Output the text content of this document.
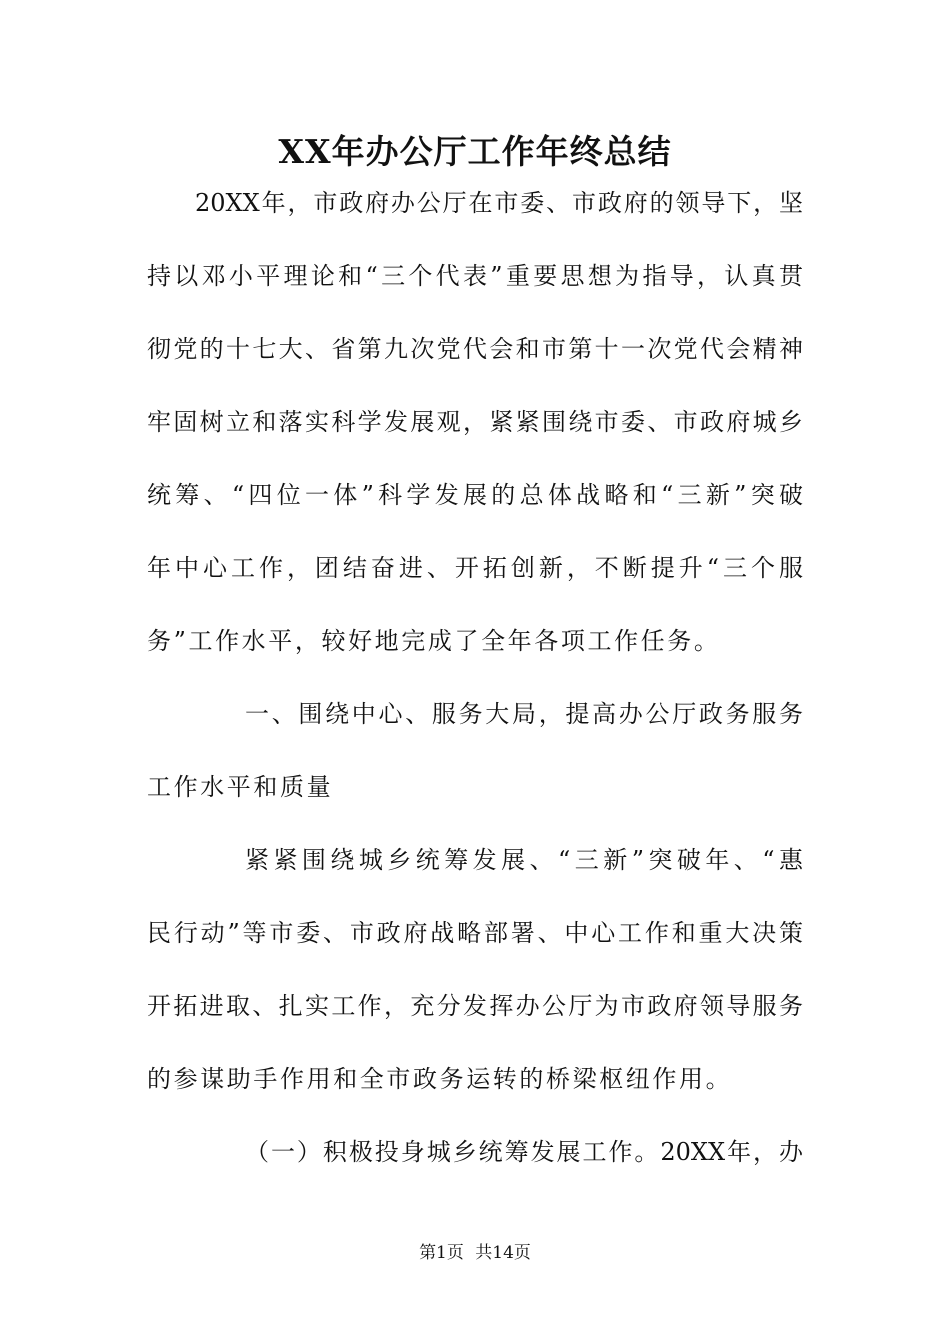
XX年办公厅工作年终总结
20XX年，市政府办公厅在市委、市政府的领导下，坚
持以邓小平理论和“三个代表”重要思想为指导，认真贯
彻党的十七大、省第九次党代会和市第十一次党代会精神
牢固树立和落实科学发展观，紧紧围绕市委、市政府城乡
统筹、“四位一体”科学发展的总体战略和“三新”突破
年中心工作，团结奋进、开拓创新，不断提升“三个服
务”工作水平，较好地完成了全年各项工作任务。
一、围绕中心、服务大局，提高办公厅政务服务
工作水平和质量
紧紧围绕城乡统筹发展、“三新”突破年、“惠
民行动”等市委、市政府战略部署、中心工作和重大决策
开拓进取、扎实工作，充分发挥办公厅为市政府领导服务
的参谋助手作用和全市政务运转的桥梁枢纽作用。
（一）积极投身城乡统筹发展工作。20XX年，办
第1页 共14页
